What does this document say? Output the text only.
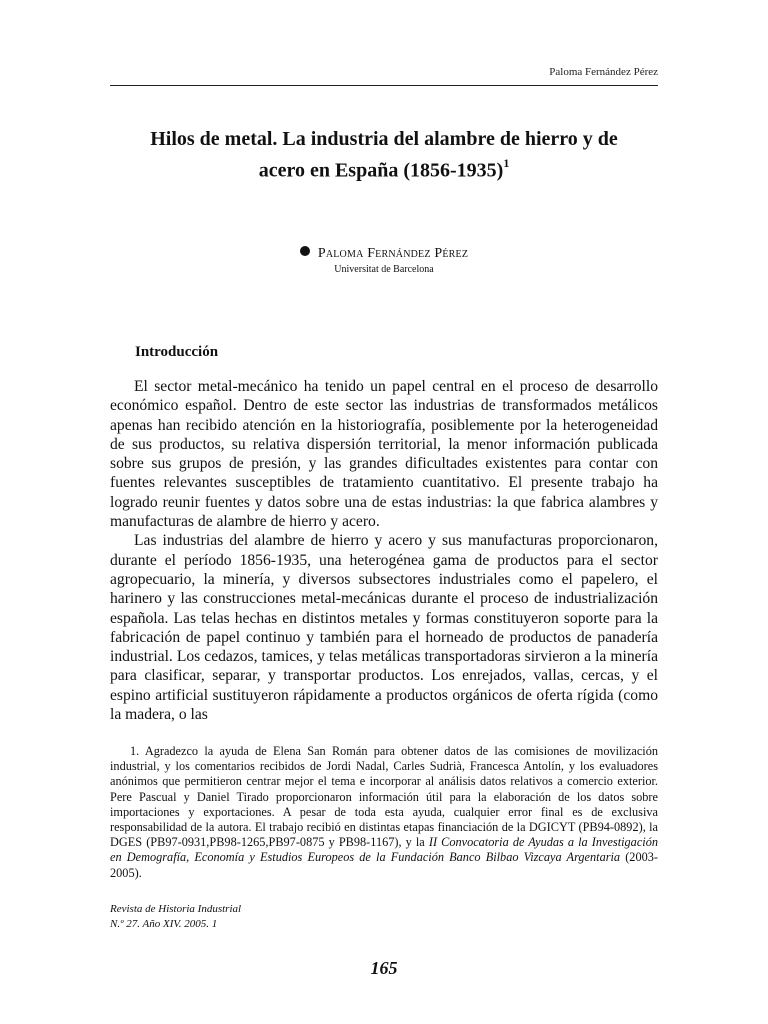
Paloma Fernández Pérez
Hilos de metal. La industria del alambre de hierro y de
acero en España (1856-1935)$^1$
Paloma Fernández Pérez
Universitat de Barcelona
Introducción

El sector metal-mecánico ha tenido un papel central en el proceso de desarrollo económico español. Dentro de este sector las industrias de transformados metálicos apenas han recibido atención en la historiografía, posiblemente por la heterogeneidad de sus productos, su relativa dispersión territorial, la menor información publicada sobre sus grupos de presión, y las grandes dificultades existentes para contar con fuentes relevantes susceptibles de tratamiento cuantitativo. El presente trabajo ha logrado reunir fuentes y datos sobre una de estas industrias: la que fabrica alambres y manufacturas de alambre de hierro y acero.

Las industrias del alambre de hierro y acero y sus manufacturas proporcionaron, durante el período 1856-1935, una heterogénea gama de productos para el sector agropecuario, la minería, y diversos subsectores industriales como el papelero, el harinero y las construcciones metal-mecánicas durante el proceso de industrialización española. Las telas hechas en distintos metales y formas constituyeron soporte para la fabricación de papel continuo y también para el horneado de productos de panadería industrial. Los cedazos, tamices, y telas metálicas transportadoras sirvieron a la minería para clasificar, separar, y transportar productos. Los enrejados, vallas, cercas, y el espino artificial sustituyeron rápidamente a productos orgánicos de oferta rígida (como la madera, o las

1. Agradezco la ayuda de Elena San Román para obtener datos de las comisiones de movilización industrial, y los comentarios recibidos de Jordi Nadal, Carles Sudrià, Francesca Antolín, y los evaluadores anónimos que permitieron centrar mejor el tema e incorporar al análisis datos relativos a comercio exterior. Pere Pascual y Daniel Tirado proporcionaron información útil para la elaboración de los datos sobre importaciones y exportaciones. A pesar de toda esta ayuda, cualquier error final es de exclusiva responsabilidad de la autora. El trabajo recibió en distintas etapas financiación de la DGICYT (PB94-0892), la DGES (PB97-0931,PB98-1265,PB97-0875 y PB98-1167), y la II Convocatoria de Ayudas a la Investigación en Demografía, Economía y Estudios Europeos de la Fundación Banco Bilbao Vizcaya Argentaria (2003-2005).

Revista de Historia Industrial
N.º 27. Año XIV. 2005. 1
165
